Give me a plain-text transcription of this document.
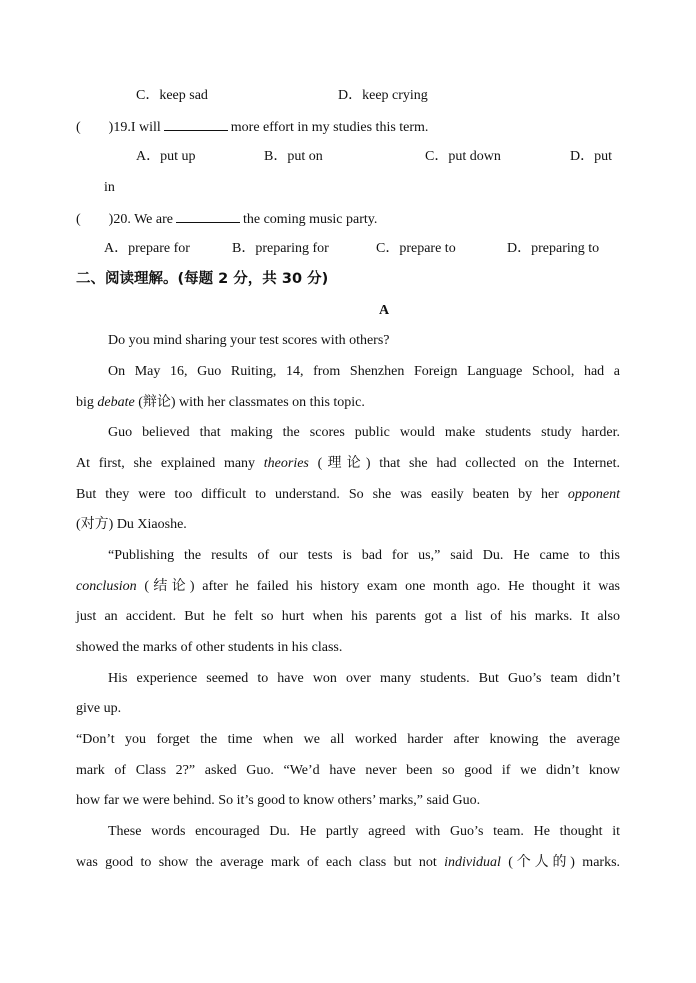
C．keep sad	D．keep crying
(　　)19.I will	more effort in my studies this term.
A．put up	B．put on	C．put down	D．put
in
(　　)20. We are	the coming music party.
A．prepare for	B．preparing for	C．prepare to	D．preparing to
二、阅读理解。(每题 2 分，共 30 分)
A
Do you mind sharing your test scores with others?
On May 16, Guo Ruiting, 14, from Shenzhen Foreign Language School, had a
big debate (辩论) with her classmates on this topic.
Guo believed that making the scores public would make students study harder.
At first, she explained many theories (理论) that she had collected on the Internet.
But they were too difficult to understand. So she was easily beaten by her opponent
(对方) Du Xiaoshe.
“Publishing the results of our tests is bad for us,” said Du. He came to this
conclusion (结论) after he failed his history exam one month ago. He thought it was
just an accident. But he felt so hurt when his parents got a list of his marks. It also
showed the marks of other students in his class.
His experience seemed to have won over many students. But Guo’s team didn’t
give up.
“Don’t you forget the time when we all worked harder after knowing the average
mark of Class 2?” asked Guo. “We’d have never been so good if we didn’t know
how far we were behind. So it’s good to know others’ marks,” said Guo.
These words encouraged Du. He partly agreed with Guo’s team. He thought it
was good to show the average mark of each class but not individual (个人的) marks.
